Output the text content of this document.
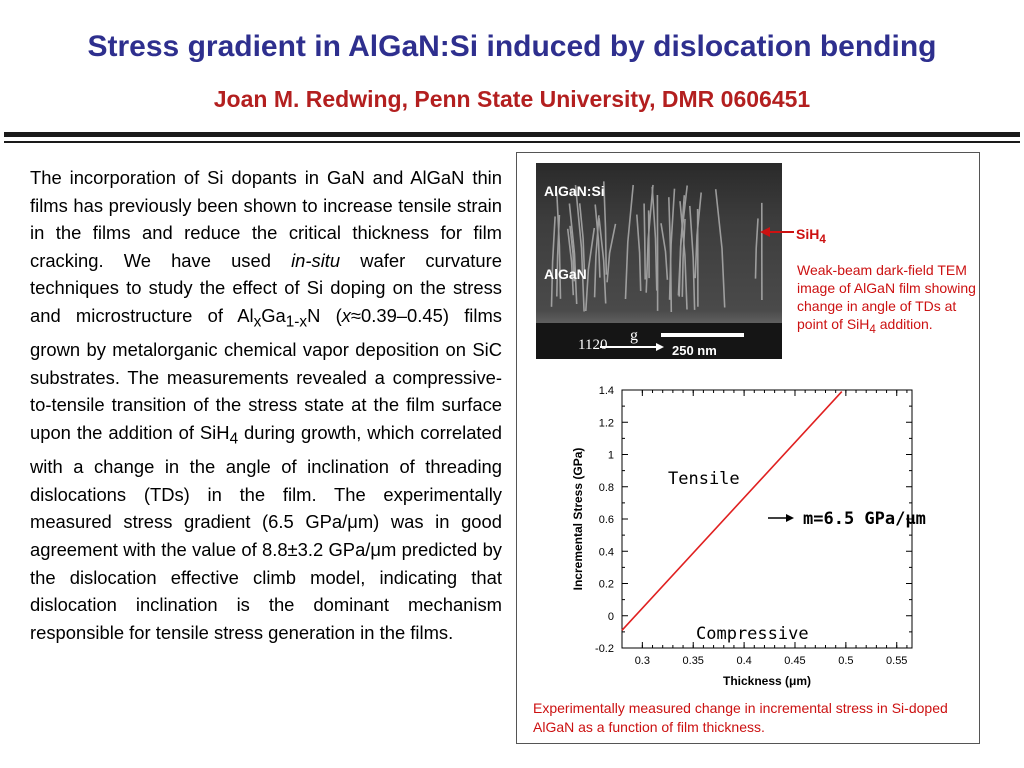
Stress gradient in AlGaN:Si induced by dislocation bending
Joan M. Redwing, Penn State University, DMR 0606451
The incorporation of Si dopants in GaN and AlGaN thin films has previously been shown to increase tensile strain in the films and reduce the critical thickness for film cracking. We have used in-situ wafer curvature techniques to study the effect of Si doping on the stress and microstructure of $Al_xGa_{1-x}N$ (x≈0.39–0.45) films grown by metalorganic chemical vapor deposition on SiC substrates. The measurements revealed a compressive-to-tensile transition of the stress state at the film surface upon the addition of SiH$_4$ during growth, which correlated with a change in the angle of inclination of threading dislocations (TDs) in the film. The experimentally measured stress gradient (6.5 GPa/μm) was in good agreement with the value of 8.8±3.2 GPa/μm predicted by the dislocation effective climb model, indicating that dislocation inclination is the dominant mechanism responsible for tensile stress generation in the films.
AlGaN:Si
AlGaN
g
1120	250 nm
SiH$_4$
Weak-beam dark-field TEM image of AlGaN film showing change in angle of TDs at point of SiH$_4$ addition.
-0.2
0
0.2
0.4
0.6
0.8
1
1.2
1.4
0.3	0.35	0.4	0.45	0.5	0.55
Thickness (μm)
Incremental Stress (GPa)	Tensile
Compressive
m=6.5 GPa/μm
Experimentally measured change in incremental stress in Si-doped AlGaN as a function of film thickness.
